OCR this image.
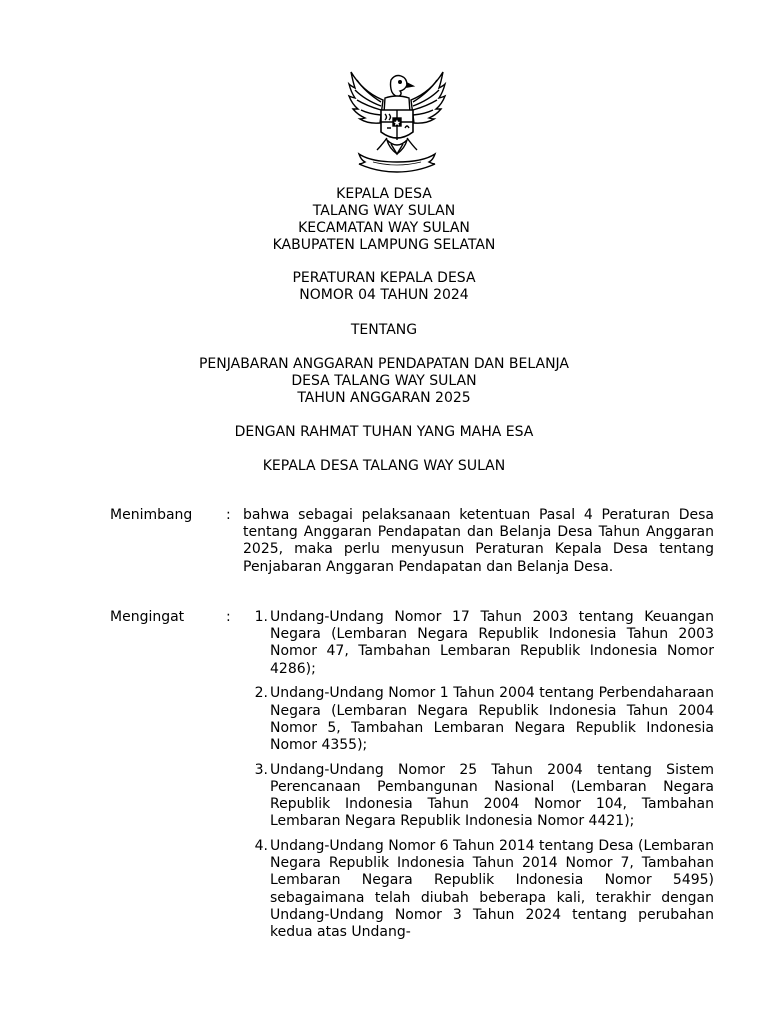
KEPALA DESA
TALANG WAY SULAN
KECAMATAN WAY SULAN
KABUPATEN LAMPUNG SELATAN
PERATURAN KEPALA DESA
NOMOR 04 TAHUN 2024
TENTANG
PENJABARAN ANGGARAN PENDAPATAN DAN BELANJA
DESA TALANG WAY SULAN
TAHUN ANGGARAN 2025
DENGAN RAHMAT TUHAN YANG MAHA ESA
KEPALA DESA TALANG WAY SULAN
Menimbang	: bahwa sebagai pelaksanaan ketentuan Pasal 4 Peraturan Desa tentang Anggaran Pendapatan dan Belanja Desa Tahun Anggaran 2025, maka perlu menyusun Peraturan Kepala Desa tentang Penjabaran Anggaran Pendapatan dan Belanja Desa.
Mengingat	:	1. Undang-Undang Nomor 17 Tahun 2003 tentang Keuangan Negara (Lembaran Negara Republik Indonesia Tahun 2003 Nomor 47, Tambahan Lembaran Republik Indonesia Nomor 4286);
2. Undang-Undang Nomor 1 Tahun 2004 tentang Perbendaharaan Negara (Lembaran Negara Republik Indonesia Tahun 2004 Nomor 5, Tambahan Lembaran Negara Republik Indonesia Nomor 4355);
3. Undang-Undang Nomor 25 Tahun 2004 tentang Sistem Perencanaan Pembangunan Nasional (Lembaran Negara Republik Indonesia Tahun 2004 Nomor 104, Tambahan Lembaran Negara Republik Indonesia Nomor 4421);
4. Undang-Undang Nomor 6 Tahun 2014 tentang Desa (Lembaran Negara Republik Indonesia Tahun 2014 Nomor 7, Tambahan Lembaran Negara Republik Indonesia Nomor 5495) sebagaimana telah diubah beberapa kali, terakhir dengan Undang-Undang Nomor 3 Tahun 2024 tentang perubahan kedua atas Undang-
